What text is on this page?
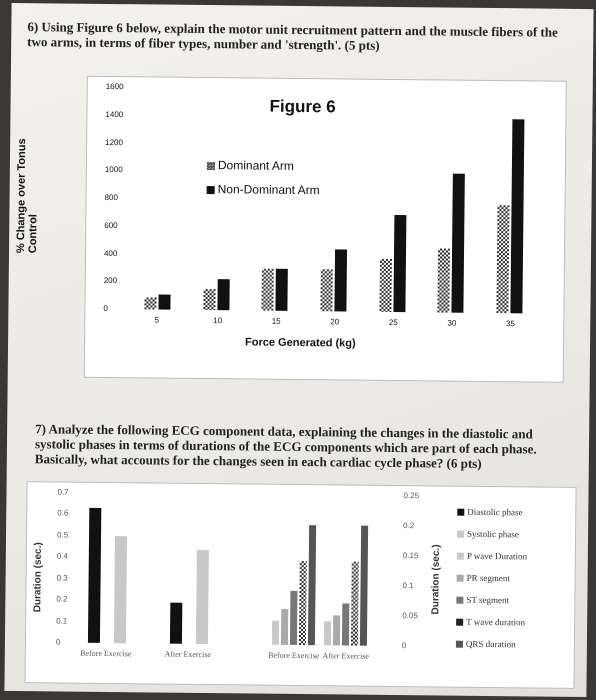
6) Using Figure 6 below, explain the motor unit recruitment pattern and the muscle fibers of the two arms, in terms of fiber types, number and 'strength'. (5 pts)
Figure 6
Dominant Arm
Non-Dominant Arm
0
200
400
600
800
1000
1200
1400
1600
5	10	15	20	25	30	35
Force Generated (kg)
% Change over Tonus Control
7) Analyze the following ECG component data, explaining the changes in the diastolic and systolic phases in terms of durations of the ECG components which are part of each phase. Basically, what accounts for the changes seen in each cardiac cycle phase? (6 pts)
0
0.1
0.2
0.3
0.4
0.5
0.6
0.7
0
0.05
0.1
0.15
0.2
0.25
Before Exercise	Before Exercise
After Exercise	After Exercise
Duration (sec.)	Duration (sec.)
Diastolic phase
Systolic phase
P wave Duration
PR segment
ST segment
T wave duration
QRS duration
